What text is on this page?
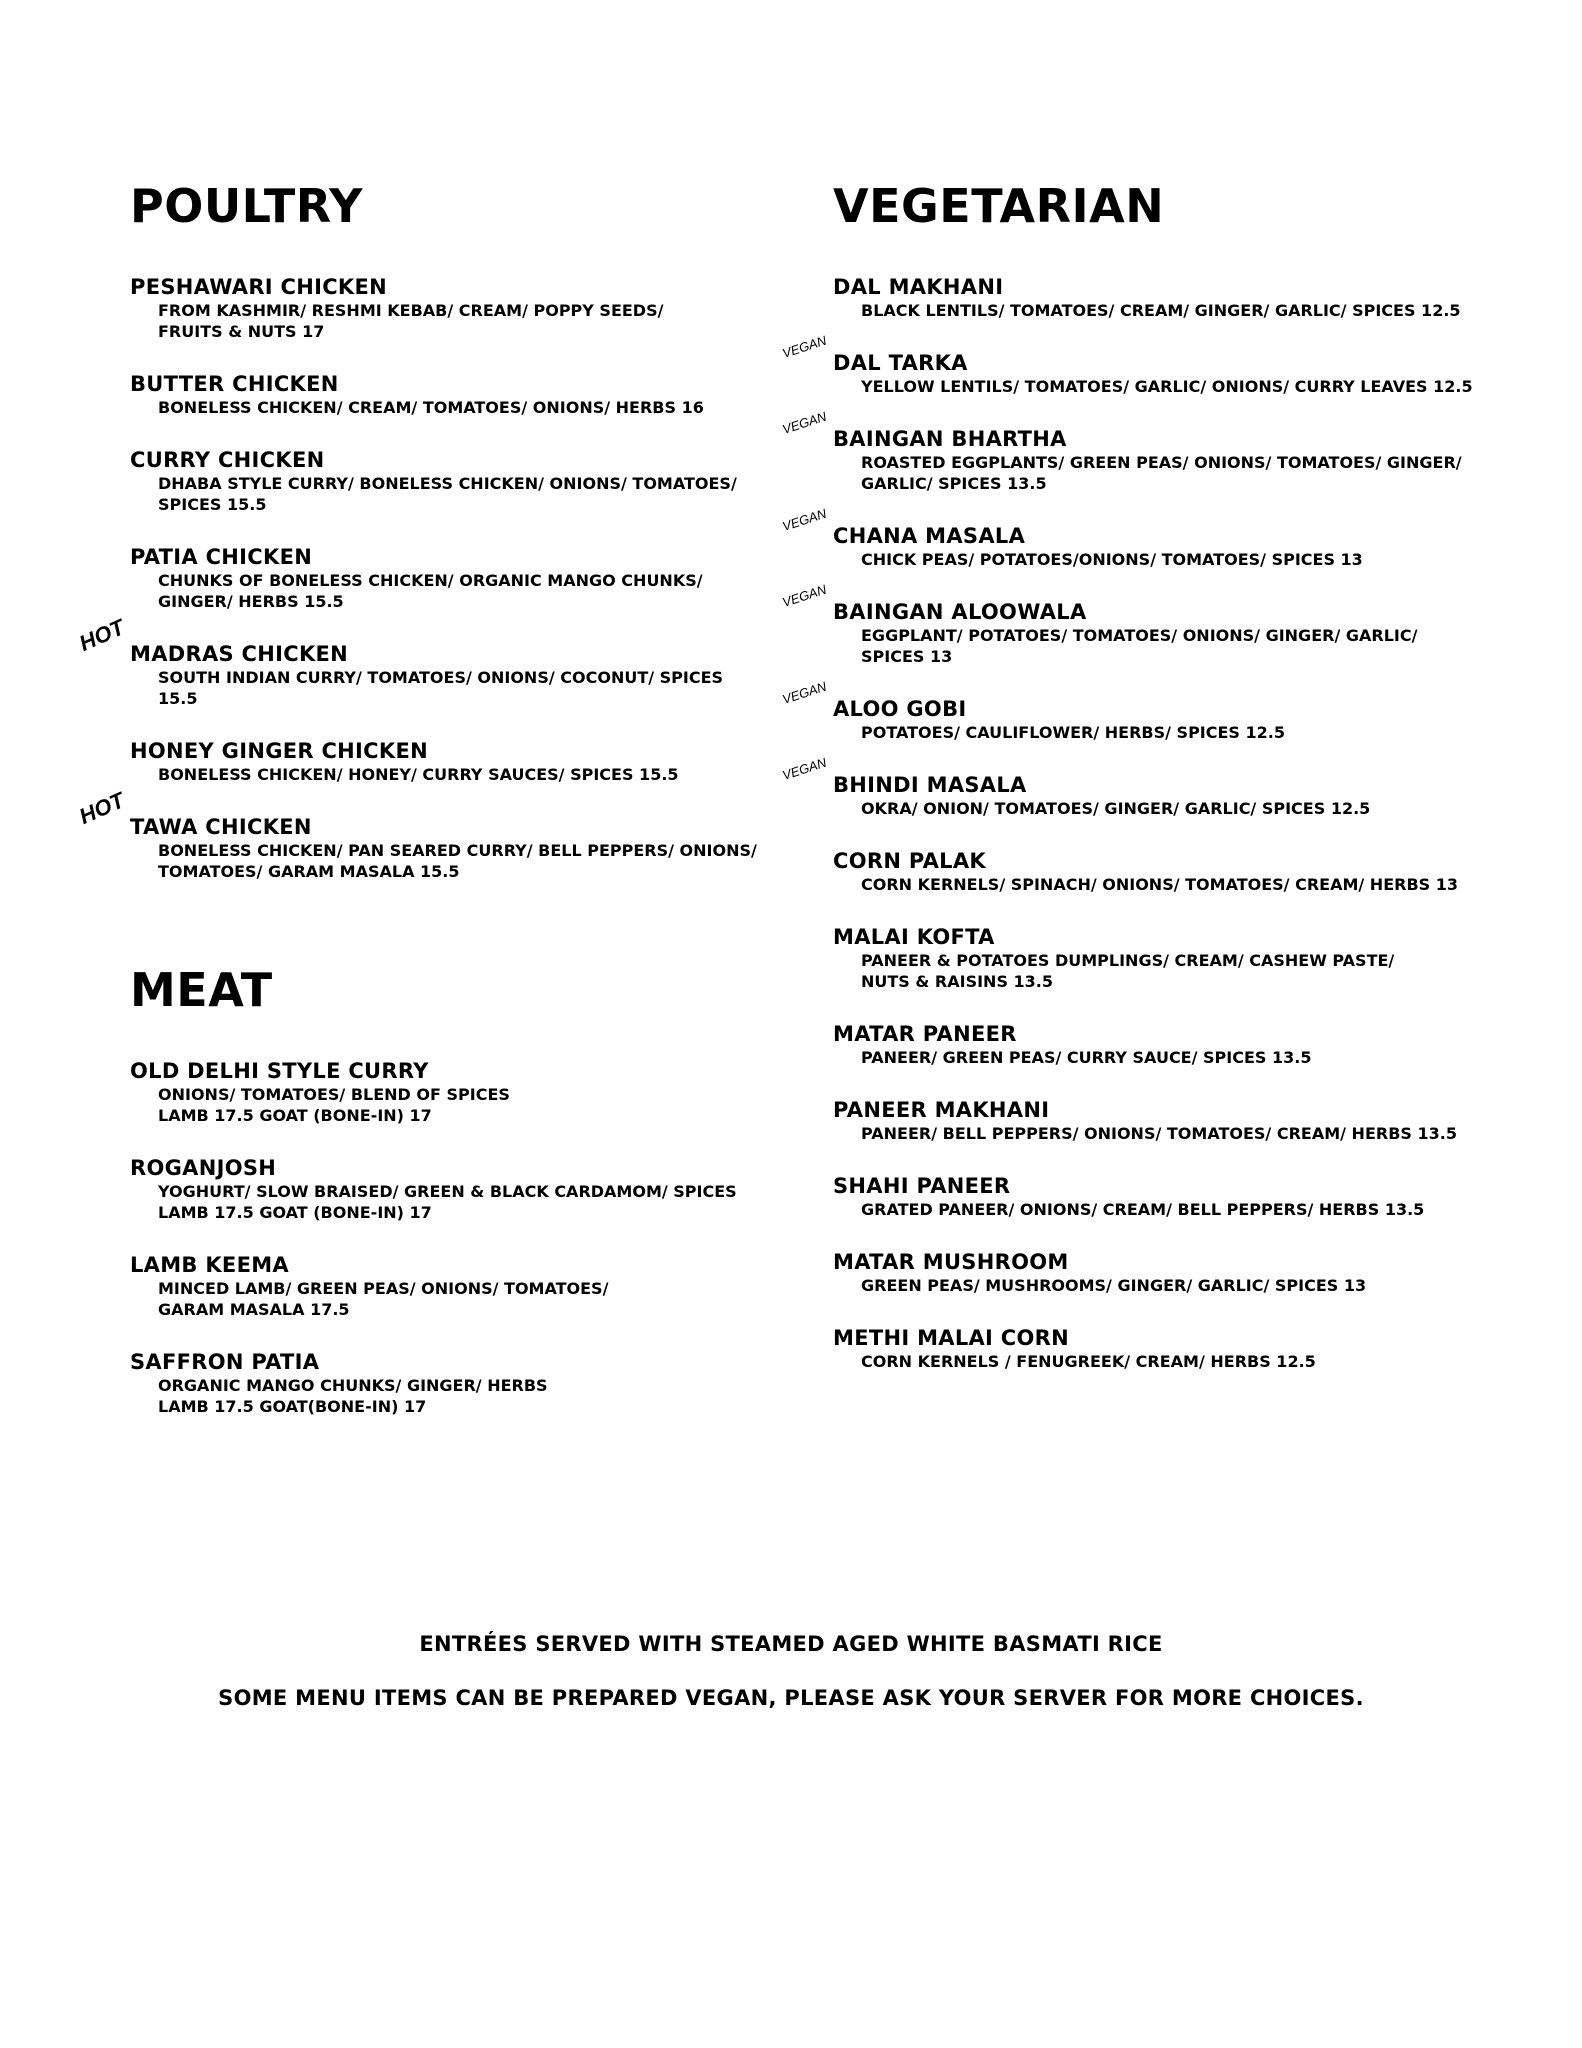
POULTRY
PESHAWARI CHICKEN
FROM KASHMIR/ RESHMI KEBAB/ CREAM/ POPPY SEEDS/
FRUITS & NUTS 17
BUTTER CHICKEN
BONELESS CHICKEN/ CREAM/ TOMATOES/ ONIONS/ HERBS 16
CURRY CHICKEN
DHABA STYLE CURRY/ BONELESS CHICKEN/ ONIONS/ TOMATOES/
SPICES 15.5
PATIA CHICKEN
CHUNKS OF BONELESS CHICKEN/ ORGANIC MANGO CHUNKS/
GINGER/ HERBS 15.5
HOT MADRAS CHICKEN
SOUTH INDIAN CURRY/ TOMATOES/ ONIONS/ COCONUT/ SPICES
15.5
HONEY GINGER CHICKEN
BONELESS CHICKEN/ HONEY/ CURRY SAUCES/ SPICES 15.5
HOT TAWA CHICKEN
BONELESS CHICKEN/ PAN SEARED CURRY/ BELL PEPPERS/ ONIONS/
TOMATOES/ GARAM MASALA 15.5
MEAT
OLD DELHI STYLE CURRY
ONIONS/ TOMATOES/ BLEND OF SPICES
LAMB 17.5 GOAT (BONE-IN) 17
ROGANJOSH
YOGHURT/ SLOW BRAISED/ GREEN & BLACK CARDAMOM/ SPICES
LAMB 17.5 GOAT (BONE-IN) 17
LAMB KEEMA
MINCED LAMB/ GREEN PEAS/ ONIONS/ TOMATOES/
GARAM MASALA 17.5
SAFFRON PATIA
ORGANIC MANGO CHUNKS/ GINGER/ HERBS
LAMB 17.5 GOAT(BONE-IN) 17
VEGETARIAN
DAL MAKHANI
BLACK LENTILS/ TOMATOES/ CREAM/ GINGER/ GARLIC/ SPICES 12.5
VEGAN
DAL TARKA
YELLOW LENTILS/ TOMATOES/ GARLIC/ ONIONS/ CURRY LEAVES 12.5
VEGAN
BAINGAN BHARTHA
ROASTED EGGPLANTS/ GREEN PEAS/ ONIONS/ TOMATOES/ GINGER/
GARLIC/ SPICES 13.5
VEGAN
CHANA MASALA
CHICK PEAS/ POTATOES/ONIONS/ TOMATOES/ SPICES 13
VEGAN
BAINGAN ALOOWALA
EGGPLANT/ POTATOES/ TOMATOES/ ONIONS/ GINGER/ GARLIC/
SPICES 13
VEGAN
ALOO GOBI
POTATOES/ CAULIFLOWER/ HERBS/ SPICES 12.5
VEGAN
BHINDI MASALA
OKRA/ ONION/ TOMATOES/ GINGER/ GARLIC/ SPICES 12.5
CORN PALAK
CORN KERNELS/ SPINACH/ ONIONS/ TOMATOES/ CREAM/ HERBS 13
MALAI KOFTA
PANEER & POTATOES DUMPLINGS/ CREAM/ CASHEW PASTE/
NUTS & RAISINS 13.5
MATAR PANEER
PANEER/ GREEN PEAS/ CURRY SAUCE/ SPICES 13.5
PANEER MAKHANI
PANEER/ BELL PEPPERS/ ONIONS/ TOMATOES/ CREAM/ HERBS 13.5
SHAHI PANEER
GRATED PANEER/ ONIONS/ CREAM/ BELL PEPPERS/ HERBS 13.5
MATAR MUSHROOM
GREEN PEAS/ MUSHROOMS/ GINGER/ GARLIC/ SPICES 13
METHI MALAI CORN
CORN KERNELS / FENUGREEK/ CREAM/ HERBS 12.5
ENTRÉES SERVED WITH STEAMED AGED WHITE BASMATI RICE
SOME MENU ITEMS CAN BE PREPARED VEGAN, PLEASE ASK YOUR SERVER FOR MORE CHOICES.
